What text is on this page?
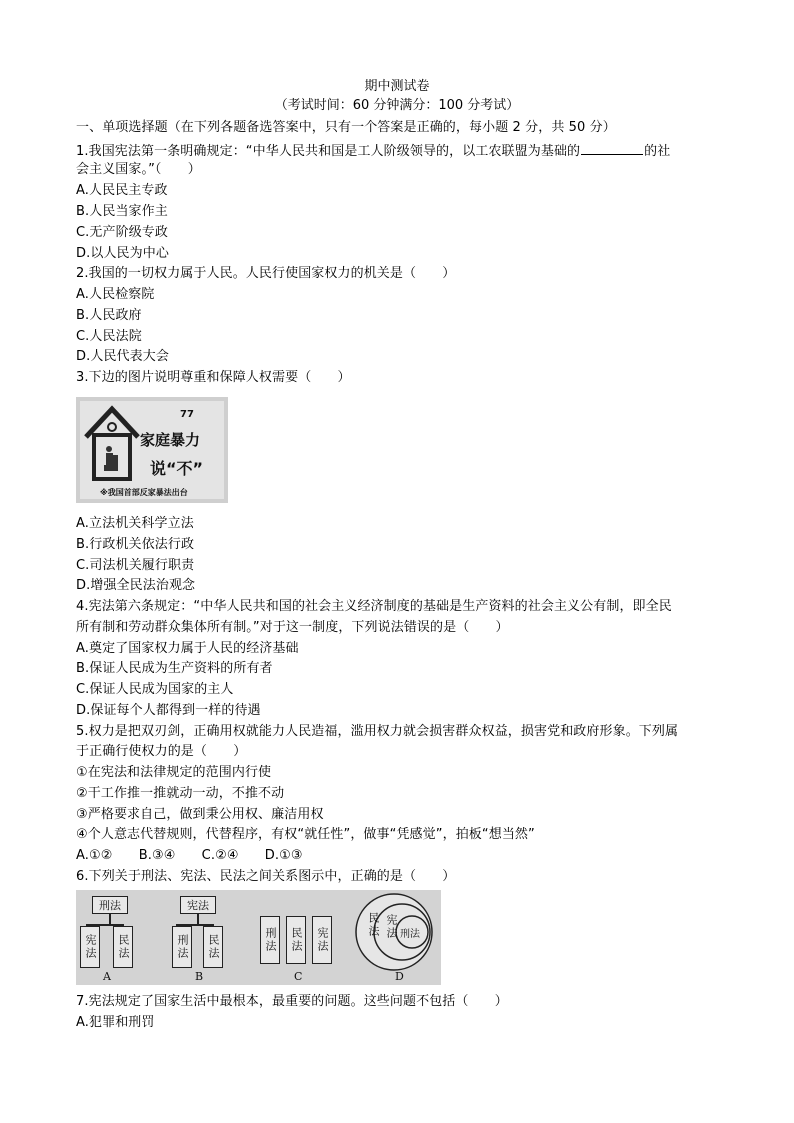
期中测试卷
（考试时间：60 分钟满分：100 分考试）
一、单项选择题（在下列各题备选答案中，只有一个答案是正确的，每小题 2 分，共 50 分）
1.我国宪法第一条明确规定：“中华人民共和国是工人阶级领导的，以工农联盟为基础的	的社
会主义国家。”（　　）
A.人民民主专政
B.人民当家作主
C.无产阶级专政
D.以人民为中心
2.我国的一切权力属于人民。人民行使国家权力的机关是（　　）
A.人民检察院
B.人民政府
C.人民法院
D.人民代表大会
3.下边的图片说明尊重和保障人权需要（　　）
77
家庭暴力
说“不”
※我国首部反家暴法出台
A.立法机关科学立法
B.行政机关依法行政
C.司法机关履行职责
D.增强全民法治观念
4.宪法第六条规定：“中华人民共和国的社会主义经济制度的基础是生产资料的社会主义公有制，即全民
所有制和劳动群众集体所有制。”对于这一制度，下列说法错误的是（　　）
A.奠定了国家权力属于人民的经济基础
B.保证人民成为生产资料的所有者
C.保证人民成为国家的主人
D.保证每个人都得到一样的待遇
5.权力是把双刃剑，正确用权就能力人民造福，滥用权力就会损害群众权益，损害党和政府形象。下列属
于正确行使权力的是（　　）
①在宪法和法律规定的范围内行使
②干工作推一推就动一动，不推不动
③严格要求自己，做到秉公用权、廉洁用权
④个人意志代替规则，代替程序，有权“就任性”，做事“凭感觉”，拍板“想当然”
A.①②　　B.③④　　C.②④　　D.①③
6.下列关于刑法、宪法、民法之间关系图示中，正确的是（　　）
刑法
宪法	民法
A
宪法
刑法	民法
B
刑法	民法	宪法
C
民法 宪法 刑法
D
7.宪法规定了国家生活中最根本，最重要的问题。这些问题不包括（　　）
A.犯罪和刑罚
